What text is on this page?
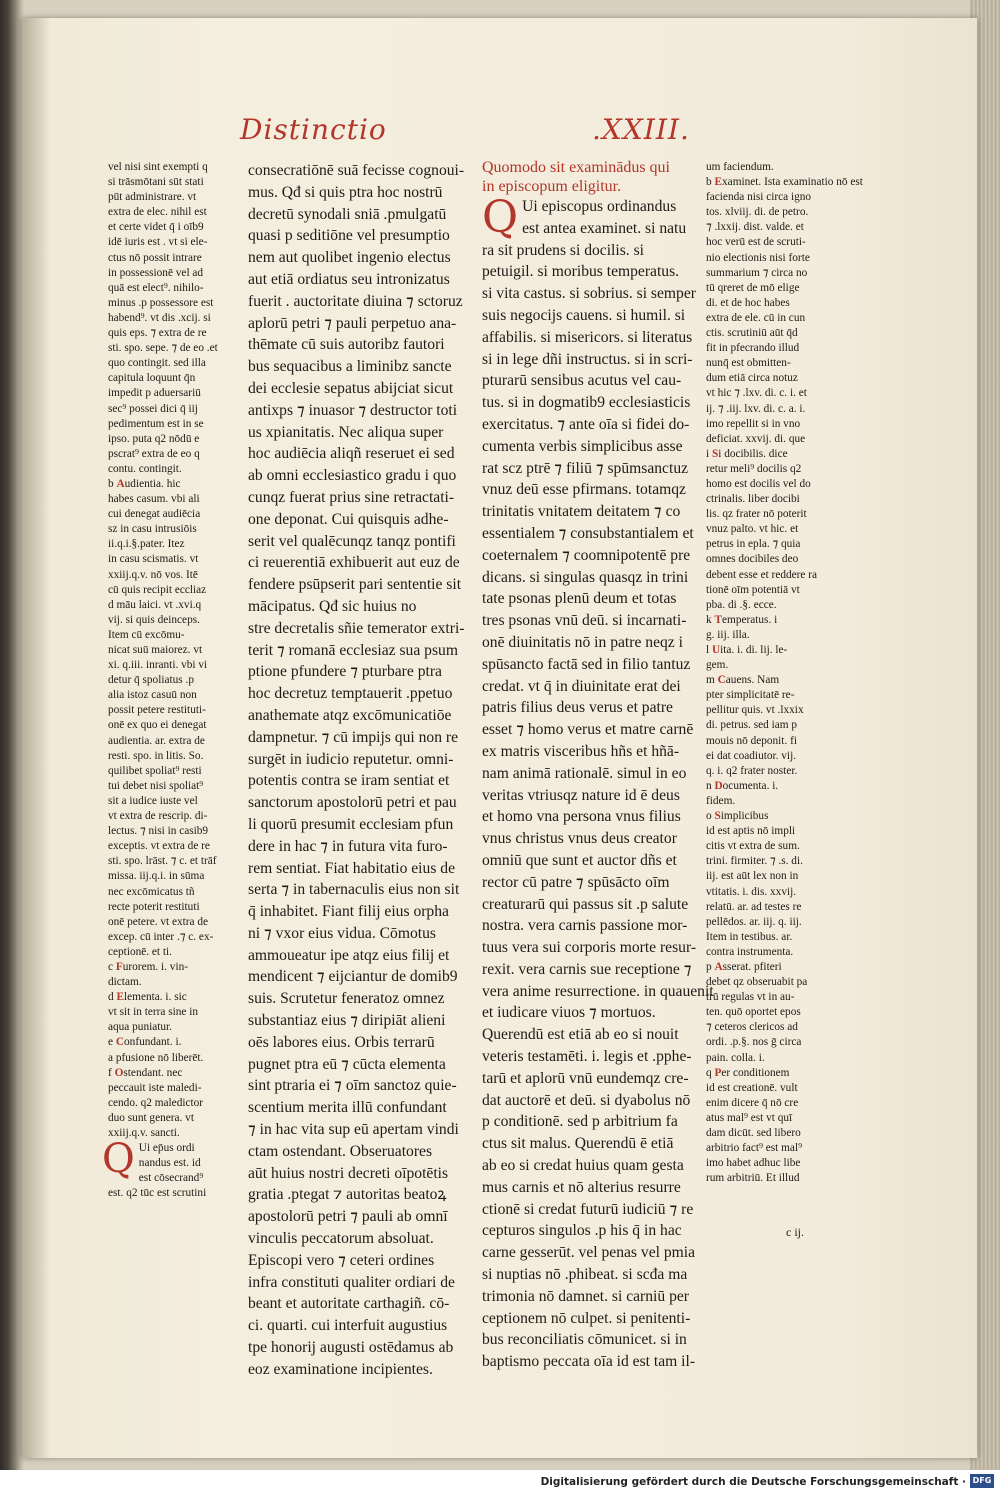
Distinctio	.XXIII.
vel nisi sint exempti q
si trāsmōtani sūt stati
pūt administrare. vt
extra de elec. nihil est
et certe videt q̄ i oīb9
idē iuris est . vt si ele-
ctus nō possit intrare
in possessionē vel ad
quā est elect⁹. nihilo-
minus .p possessore est
habend⁹. vt dis .xcij. si
quis eps. ⁊ extra de re
sti. spo. sepe. ⁊ de eo .et
quo contingit. sed illa
capitula loquunt q̄n
impedit p aduersariū
sec⁹ possei dici q̄ iij
pedimentum est in se
ipso. puta q2 nōdū e
pscrat⁹ extra de eo q
contu. contingit.
b Audientia. hic
habes casum. vbi ali
cui denegat audiēcia
sz in casu intrusiōis
ii.q.i.§.pater. Itez
in casu scismatis. vt
xxiij.q.v. nō vos. Itē
cū quis recipit eccliaz
d māu laici. vt .xvi.q
vij. si quis deinceps.
Item cū excōmu-
nicat suū maiorez. vt
xi. q.iii. inranti. vbi vi
detur q̄ spoliatus .p
alia istoz casuū non
possit petere restituti-
onē ex quo ei denegat
audientia. ar. extra de
resti. spo. in litis. So.
quilibet spoliat⁹ resti
tui debet nisi spoliat⁹
sit a iudice iuste vel
vt extra de rescrip. di-
lectus. ⁊ nisi in casib9
exceptis. vt extra de re
sti. spo. lrāst. ⁊ c. et trāf
missa. iij.q.i. in sūma
nec excōmicatus tñ
recte poterit restituti
onē petere. vt extra de
excep. cū inter .⁊ c. ex-
ceptionē. et ti.
c Furorem. i. vin-
dictam.
d Elementa. i. sic
vt sit in terra sine in
aqua puniatur.
e Confundant. i.
a pfusione nō liberēt.
f Ostendant. nec
peccauit iste maledi-
cendo. q2 maledictor
duo sunt genera. vt
xxiij.q.v. sancti.
Q Ui ep̄us ordi
nandus est. id
est cōsecrand⁹
est. q2 tūc est scrutini
consecratiōnē suā fecisse cognoui-
mus. Qđ si quis ptra hoc nostrū
decretū synodali sniā .pmulgatū
quasi p seditiōne vel presumptio
nem aut quolibet ingenio electus
aut etiā ordiatus seu intronizatus
fuerit . auctoritate diuina ⁊ sctoruz
aplorū petri ⁊ pauli perpetuo ana-
thēmate cū suis autoribz fautori
bus sequacibus a liminibz sancte
dei ecclesie sepatus abijciat sicut
antixps ⁊ inuasor ⁊ destructor toti
us xpianitatis. Nec aliqua super
hoc audiēcia aliqñ reseruet ei sed
ab omni ecclesiastico gradu i quo
cunqz fuerat prius sine retractati-
one deponat. Cui quisquis adhe-
serit vel qualēcunqz tanqz pontifi
ci reuerentiā exhibuerit aut euz de
fendere psūpserit pari sententie sit
mācipatus. Qđ sic huius no
stre decretalis sñie temerator extri-
terit ⁊ romanā ecclesiaz sua psum
ptione pfundere ⁊ pturbare ptra
hoc decretuz temptauerit .ppetuo
anathemate atqz excōmunicatiōe
dampnetur. ⁊ cū impijs qui non re
surgēt in iudicio reputetur. omni-
potentis contra se iram sentiat et
sanctorum apostolorū petri et pau
li quorū presumit ecclesiam pfun
dere in hac ⁊ in futura vita furo-
rem sentiat. Fiat habitatio eius de
serta ⁊ in tabernaculis eius non sit
q̄ inhabitet. Fiant filij eius orpha
ni ⁊ vxor eius vidua. Cōmotus
ammoueatur ipe atqz eius filij et
mendicent ⁊ eijciantur de domib9
suis. Scrutetur feneratoz omnez
substantiaz eius ⁊ diripiāt alieni
oēs labores eius. Orbis terrarū
pugnet ptra eū ⁊ cūcta elementa
sint ptraria ei ⁊ oīm sanctoz quie-
scentium merita illū confundant
⁊ in hac vita sup eū apertam vindi
ctam ostendant. Obseruatores
aūt huius nostri decreti oīpotētis
gratia .ptegat ⁊ autoritas beatoꝝ
apostolorū petri ⁊ pauli ab omnī
vinculis peccatorum absoluat.
Episcopi vero ⁊ ceteri ordines
infra constituti qualiter ordiari de
beant et autoritate carthagiñ. cō-
ci. quarti. cui interfuit augustius
tpe honorij augusti ostēdamus ab
eoz examinatione incipientes.
Quomodo sit examinādus qui
in episcopum eligitur.
Q Ui episcopus ordinandus
est antea examinet. si natu
ra sit prudens si docilis. si
petuigil. si moribus temperatus.
si vita castus. si sobrius. si semper
suis negocijs cauens. si humil. si
affabilis. si misericors. si literatus
si in lege dñi instructus. si in scri-
pturarū sensibus acutus vel cau-
tus. si in dogmatib9 ecclesiasticis
exercitatus. ⁊ ante oīa si fidei do-
cumenta verbis simplicibus asse
rat scz ptrē ⁊ filiū ⁊ spūmsanctuz
vnuz deū esse pfirmans. totamqz
trinitatis vnitatem deitatem ⁊ co
essentialem ⁊ consubstantialem et
coeternalem ⁊ coomnipotentē pre
dicans. si singulas quasqz in trini
tate psonas plenū deum et totas
tres psonas vnū deū. si incarnati-
onē diuinitatis nō in patre neqz i
spūsancto factā sed in filio tantuz
credat. vt q̄ in diuinitate erat dei
patris filius deus verus et patre
esset ⁊ homo verus et matre carnē
ex matris visceribus hñs et hñā-
nam animā rationalē. simul in eo
veritas vtriusqz nature id ē deus
et homo vna persona vnus filius
vnus christus vnus deus creator
omniū que sunt et auctor dñs et
rector cū patre ⁊ spūsācto oīm
creaturarū qui passus sit .p salute
nostra. vera carnis passione mor-
tuus vera sui corporis morte resur-
rexit. vera carnis sue receptione ⁊
vera anime resurrectione. in quauenit
et iudicare viuos ⁊ mortuos.
Querendū est etiā ab eo si nouit
veteris testamēti. i. legis et .pphe-
tarū et aplorū vnū eundemqz cre-
dat auctorē et deū. si dyabolus nō
p conditionē. sed p arbitrium fa
ctus sit malus. Querendū ē etiā
ab eo si credat huius quam gesta
mus carnis et nō alterius resurre
ctionē si credat futurū iudiciū ⁊ re
cepturos singulos .p his q̄ in hac
carne gesserūt. vel penas vel pmia
si nuptias nō .phibeat. si scđa ma
trimonia nō damnet. si carniū per
ceptionem nō culpet. si penitenti-
bus reconciliatis cōmunicet. si in
baptismo peccata oīa id est tam il-
um faciendum.
b Examinet. Ista examinatio nō est
facienda nisi circa igno
tos. xlviij. di. de petro.
⁊ .lxxij. dist. valde. et
hoc verū est de scruti-
nio electionis nisi forte
summarium ⁊ circa no
tū qreret de mō elige
di. et de hoc habes
extra de ele. cū in cun
ctis. scrutiniū aūt q̄d
fit in pfecrando illud
nunq̄ est obmitten-
dum etiā circa notuz
vt hic ⁊ .lxv. di. c. i. et
ij. ⁊ .iij. lxv. di. c. a. i.
imo repellit si in vno
deficiat. xxvij. di. que
i Si docibilis. dice
retur meli⁹ docilis q2
homo est docilis vel do
ctrinalis. liber docibi
lis. qz frater nō poterit
vnuz palto. vt hic. et
petrus in epla. ⁊ quia
omnes docibiles deo
debent esse et reddere ra
tionē oīm potentiā vt
pba. di .§. ecce.
k Temperatus. i
g. iij. illa.
l Uita. i. di. lij. le-
gem.
m Cauens. Nam
pter simplicitatē re-
pellitur quis. vt .lxxix
di. petrus. sed iam p
mouis nō deponit. fi
ei dat coadiutor. vij.
q. i. q2 frater noster.
n Documenta. i.
fidem.
o Simplicibus
id est aptis nō impli
citis vt extra de sum.
trini. firmiter. ⁊ .s. di.
iij. est aūt lex non in
vtitatis. i. dis. xxvij.
relatū. ar. ad testes re
pellēdos. ar. iij. q. iij.
Item in testibus. ar.
contra instrumenta.
p Asserat. pfiteri
debet qz obseruabit pa
trū regulas vt in au-
ten. quō oportet epos
⁊ ceteros clericos ad
ordi. .p.§. nos ḡ circa
pain. colla. i.
q Per conditionem
id est creationē. vult
enim dicere q̄ nō cre
atus mal⁹ est vt quī
dam dicūt. sed libero
arbitrio fact⁹ est mal⁹
imo habet adhuc libe
rum arbitriū. Et illud
c ij.
Digitalisierung gefördert durch die Deutsche Forschungsgemeinschaft · DFG
